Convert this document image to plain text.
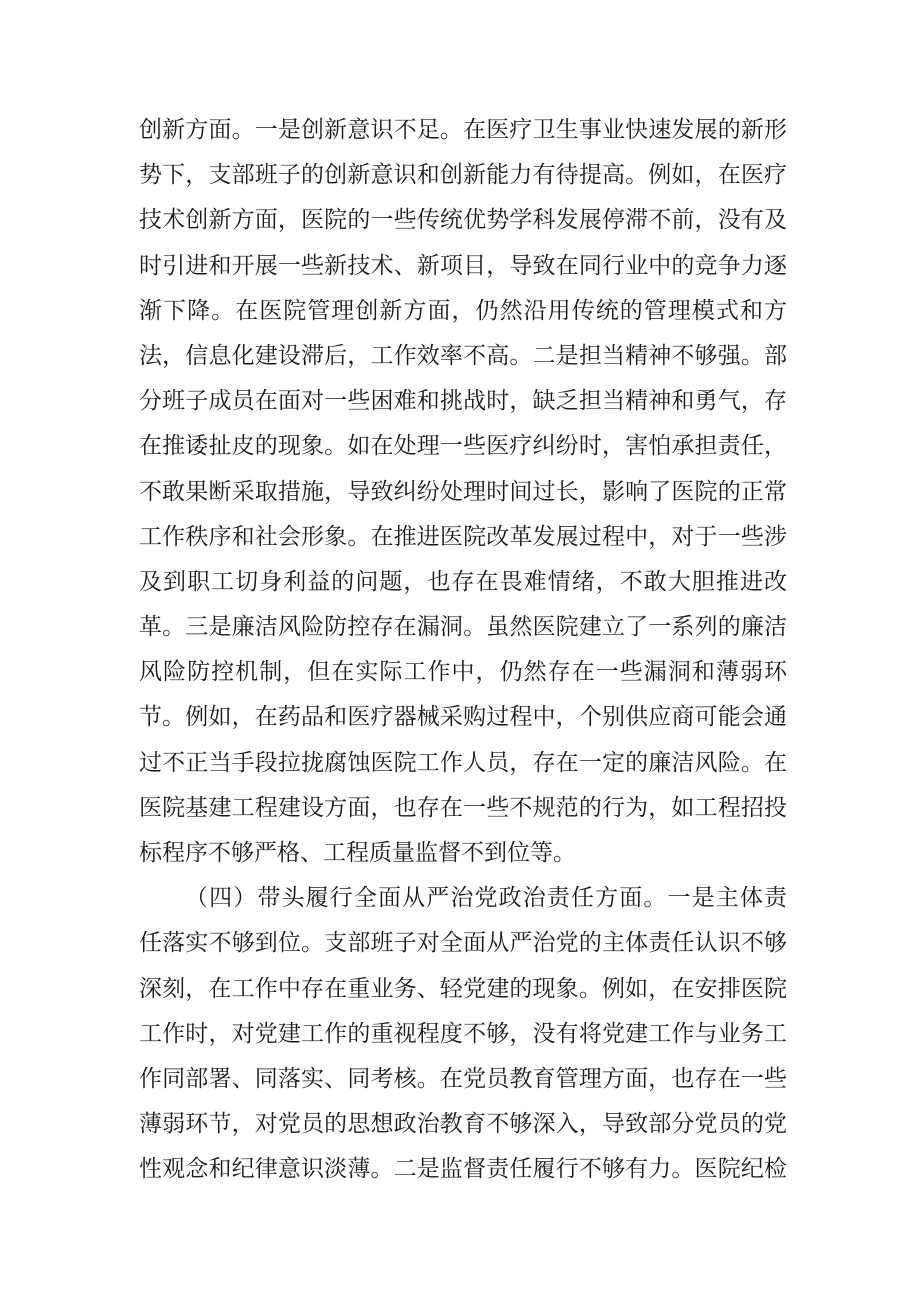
创新方面。一是创新意识不足。在医疗卫生事业快速发展的新形
势下，支部班子的创新意识和创新能力有待提高。例如，在医疗
技术创新方面，医院的一些传统优势学科发展停滞不前，没有及
时引进和开展一些新技术、新项目，导致在同行业中的竞争力逐
渐下降。在医院管理创新方面，仍然沿用传统的管理模式和方
法，信息化建设滞后，工作效率不高。二是担当精神不够强。部
分班子成员在面对一些困难和挑战时，缺乏担当精神和勇气，存
在推诿扯皮的现象。如在处理一些医疗纠纷时，害怕承担责任，
不敢果断采取措施，导致纠纷处理时间过长，影响了医院的正常
工作秩序和社会形象。在推进医院改革发展过程中，对于一些涉
及到职工切身利益的问题，也存在畏难情绪，不敢大胆推进改
革。三是廉洁风险防控存在漏洞。虽然医院建立了一系列的廉洁
风险防控机制，但在实际工作中，仍然存在一些漏洞和薄弱环
节。例如，在药品和医疗器械采购过程中，个别供应商可能会通
过不正当手段拉拢腐蚀医院工作人员，存在一定的廉洁风险。在
医院基建工程建设方面，也存在一些不规范的行为，如工程招投
标程序不够严格、工程质量监督不到位等。
（四）带头履行全面从严治党政治责任方面。一是主体责
任落实不够到位。支部班子对全面从严治党的主体责任认识不够
深刻，在工作中存在重业务、轻党建的现象。例如，在安排医院
工作时，对党建工作的重视程度不够，没有将党建工作与业务工
作同部署、同落实、同考核。在党员教育管理方面，也存在一些
薄弱环节，对党员的思想政治教育不够深入，导致部分党员的党
性观念和纪律意识淡薄。二是监督责任履行不够有力。医院纪检
